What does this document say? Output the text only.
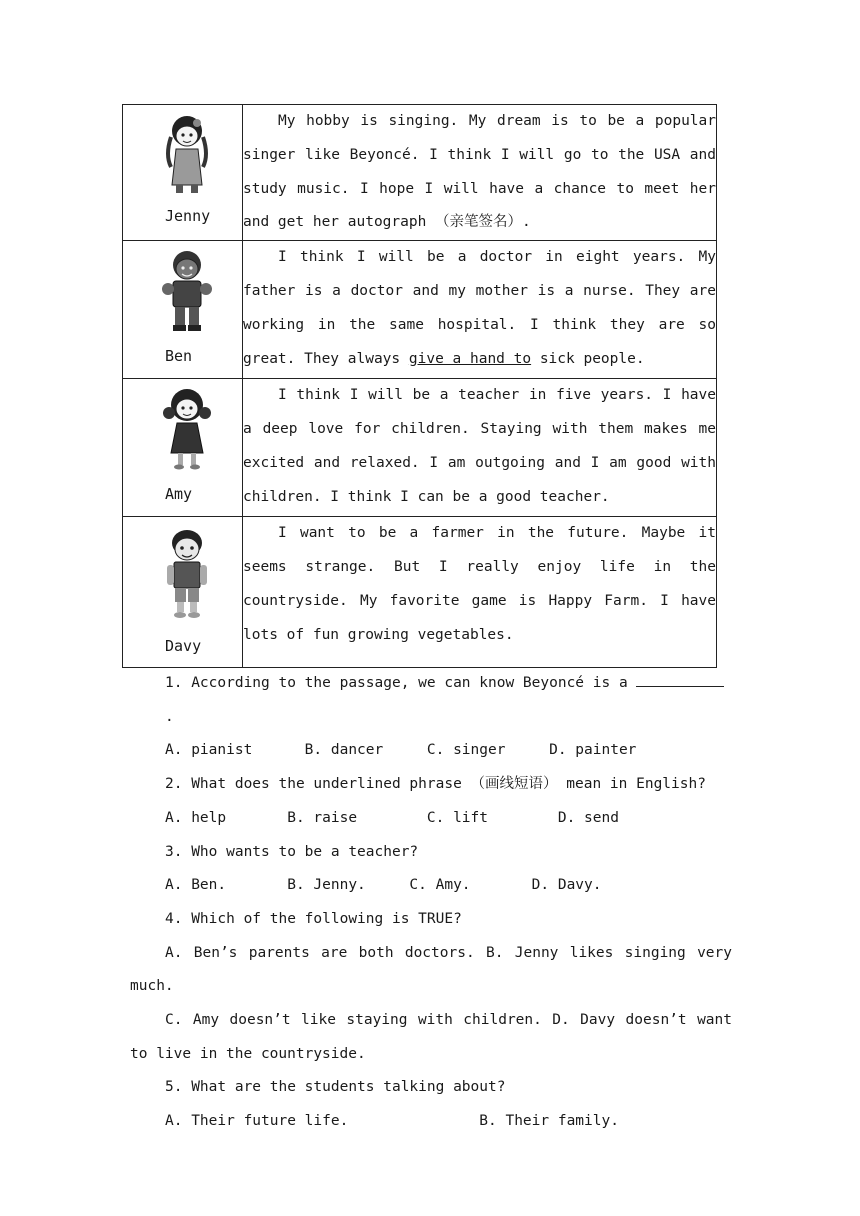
Jenny	My hobby is singing. My dream is to be a popular singer like Beyoncé. I think I will go to the USA and study music. I hope I will have a chance to meet her and get her autograph （亲笔签名）.

Ben	I think I will be a doctor in eight years. My father is a doctor and my mother is a nurse. They are working in the same hospital. I think they are so great. They always give a hand to sick people.

Amy	I think I will be a teacher in five years. I have a deep love for children. Staying with them makes me excited and relaxed. I am outgoing and I am good with children. I think I can be a good teacher.

Davy	I want to be a farmer in the future. Maybe it seems strange. But I really enjoy life in the countryside. My favorite game is Happy Farm. I have lots of fun growing vegetables.

1. According to the passage, we can know Beyoncé is a .

A. pianist      B. dancer     C. singer     D. painter

2. What does the underlined phrase （画线短语） mean in English?

A. help       B. raise        C. lift        D. send

3. Who wants to be a teacher?

A. Ben.       B. Jenny.     C. Amy.       D. Davy.

4. Which of the following is TRUE?

A. Ben’s parents are both doctors. B. Jenny likes singing very much.

C. Amy doesn’t like staying with children. D. Davy doesn’t want to live in the countryside.

5. What are the students talking about?

A. Their future life.               B. Their family.
